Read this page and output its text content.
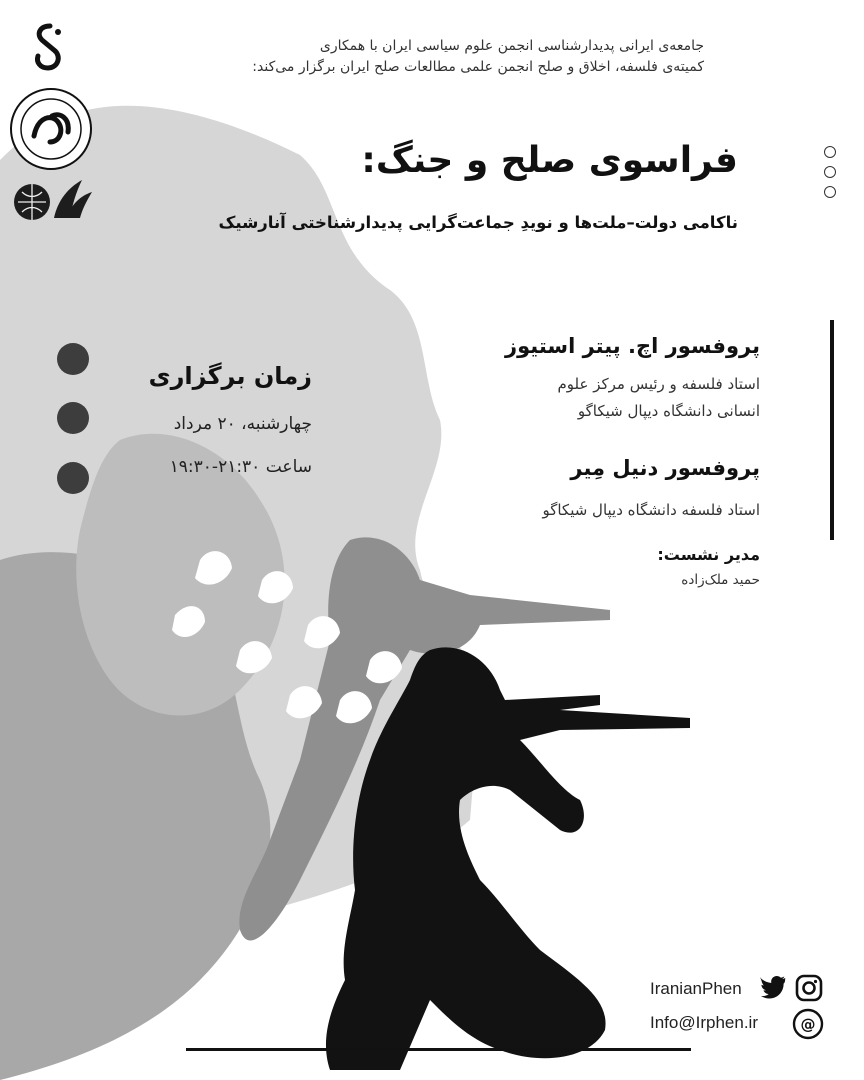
جامعه‌ی ایرانی پدیدارشناسی انجمن علوم سیاسی ایران با همکاری
کمیته‌ی فلسفه، اخلاق و صلح انجمن علمی مطالعات صلح ایران برگزار می‌کند:
فراسوی صلح و جنگ:
ناکامی دولت–ملت‌ها و نویدِ جماعت‌گرایی پدیدارشناختی آنارشیک
پروفسور اچ. پیتر استیوز
استاد فلسفه و رئیس مرکز علوم
انسانی دانشگاه دیپال شیکاگو
پروفسور دنیل مِیر
استاد فلسفه دانشگاه دیپال شیکاگو
مدیر نشست:
حمید ملک‌زاده
زمان برگزاری
چهارشنبه، ۲۰ مرداد
ساعت ۲۱:۳۰-۱۹:۳۰
IranianPhen
Info@Irphen.ir	@
